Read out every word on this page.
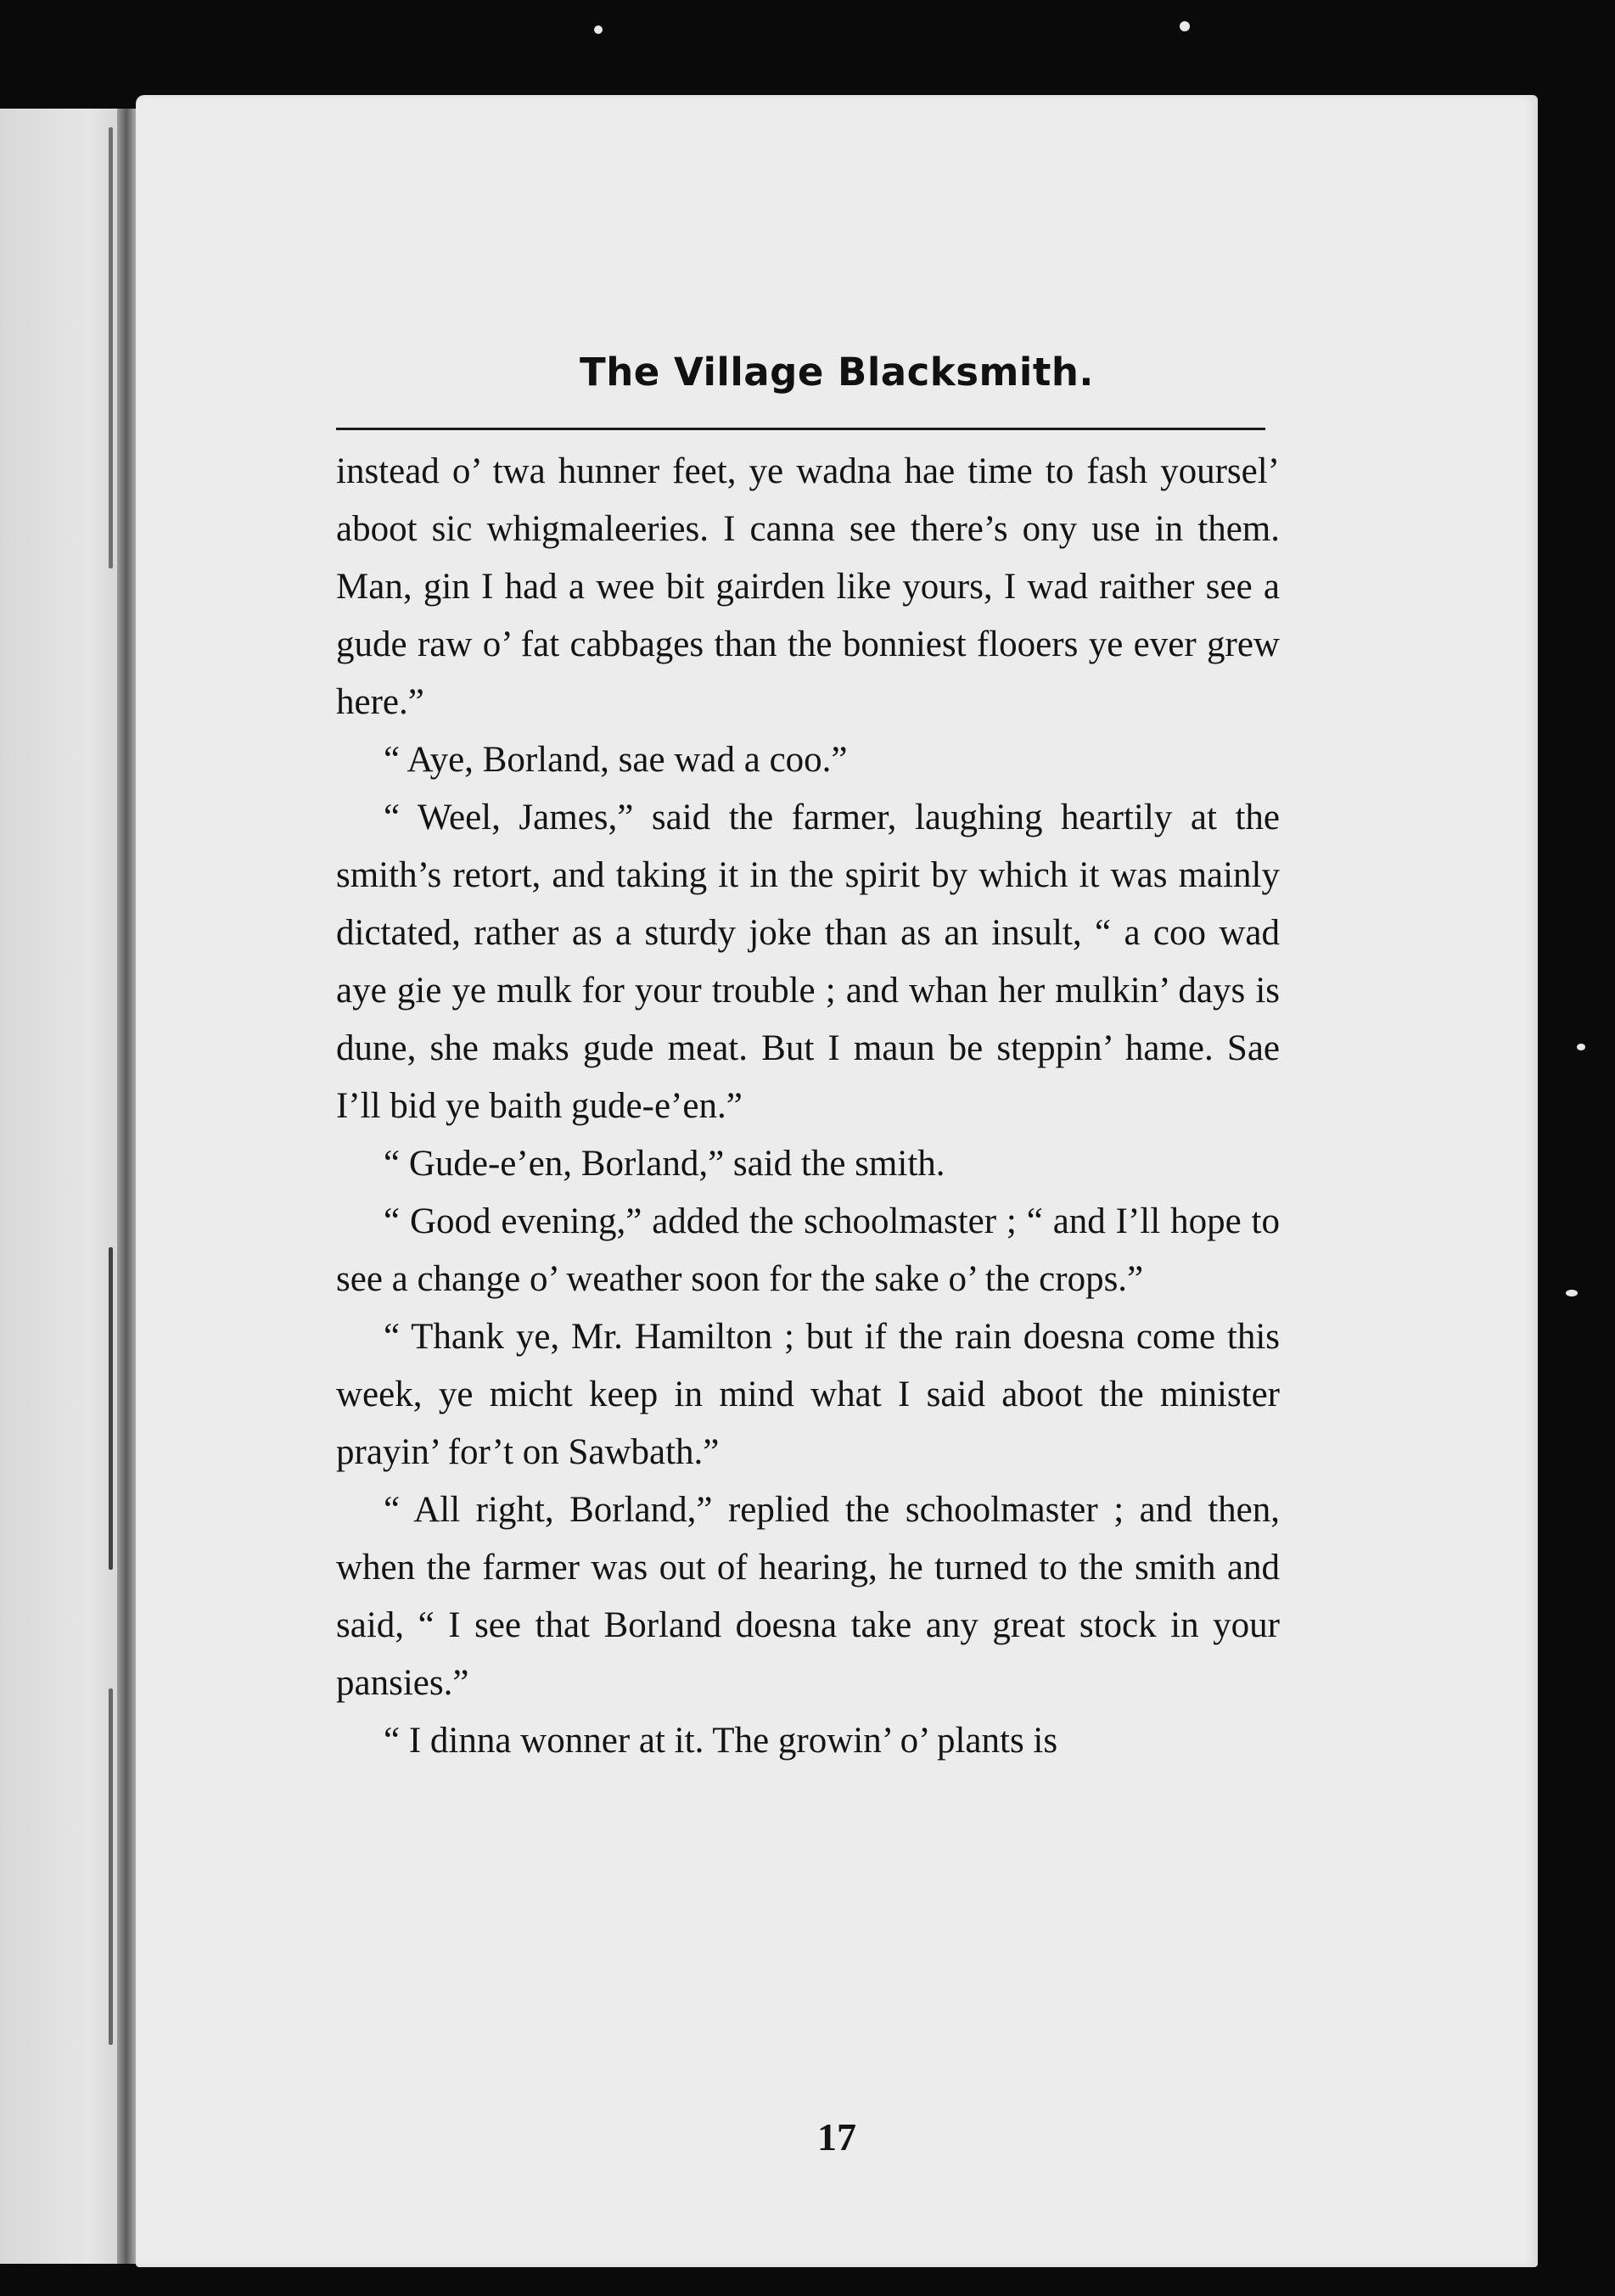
The Village Blacksmith.

instead o’ twa hunner feet, ye wadna hae time to fash yoursel’ aboot sic whigmaleeries. I canna see there’s ony use in them. Man, gin I had a wee bit gairden like yours, I wad raither see a gude raw o’ fat cabbages than the bonniest flooers ye ever grew here.”

“ Aye, Borland, sae wad a coo.”

“ Weel, James,” said the farmer, laughing heartily at the smith’s retort, and taking it in the spirit by which it was mainly dictated, rather as a sturdy joke than as an insult, “ a coo wad aye gie ye mulk for your trouble ; and whan her mulkin’ days is dune, she maks gude meat. But I maun be steppin’ hame. Sae I’ll bid ye baith gude-e’en.”

“ Gude-e’en, Borland,” said the smith.

“ Good evening,” added the schoolmaster ; “ and I’ll hope to see a change o’ weather soon for the sake o’ the crops.”

“ Thank ye, Mr. Hamilton ; but if the rain doesna come this week, ye micht keep in mind what I said aboot the minister prayin’ for’t on Sawbath.”

“ All right, Borland,” replied the schoolmaster ; and then, when the farmer was out of hearing, he turned to the smith and said, “ I see that Borland doesna take any great stock in your pansies.”

“ I dinna wonner at it. The growin’ o’ plants is

17
